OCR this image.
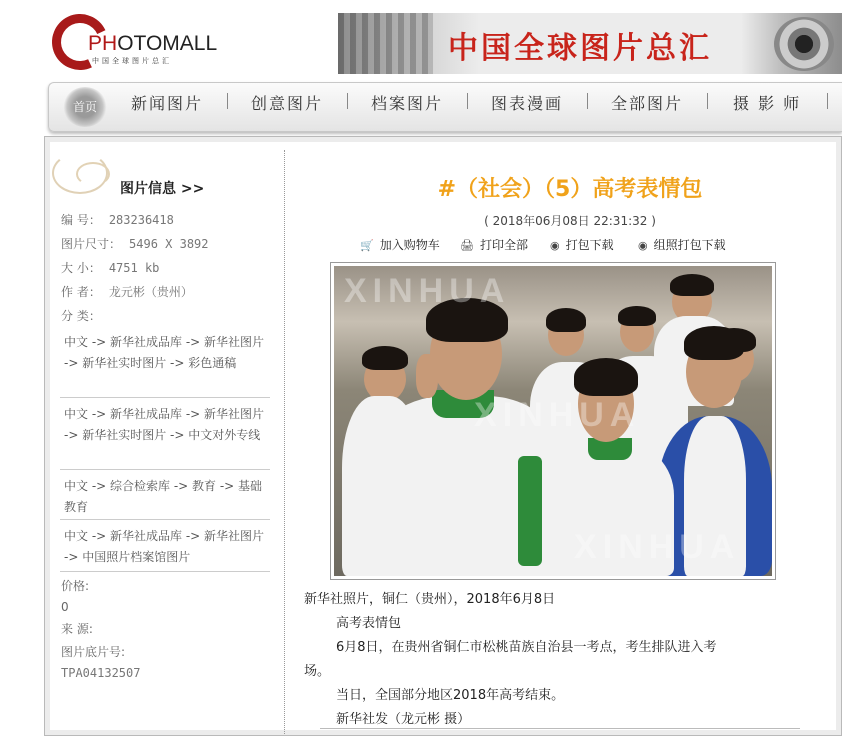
PHOTOMALL
中国全球图片总汇	中国全球图片总汇
首页	新闻图片	创意图片	档案图片	图表漫画	全部图片	摄 影 师
图片信息 >>
编 号： 283236418
图片尺寸： 5496 X 3892
大 小： 4751 kb
作 者： 龙元彬（贵州）
分 类：
中文 -> 新华社成品库 -> 新华社图片 -> 新华社实时图片 -> 彩色通稿
中文 -> 新华社成品库 -> 新华社图片 -> 新华社实时图片 -> 中文对外专线
中文 -> 综合检索库 -> 教育 -> 基础教育
中文 -> 新华社成品库 -> 新华社图片 -> 中国照片档案馆图片
价格:
0
来 源:
图片底片号:
TPA04132507
#（社会）（5）高考表情包
( 2018年06月08日 22:31:32 )
🛒 加入购物车 🖨 打印全部 ◉ 打包下载 ◉ 组照打包下载
XINHUA
XINHUA
XINHUA
新华社照片，铜仁（贵州），2018年6月8日
高考表情包
6月8日，在贵州省铜仁市松桃苗族自治县一考点，考生排队进入考
场。
当日，全国部分地区2018年高考结束。
新华社发（龙元彬 摄）
